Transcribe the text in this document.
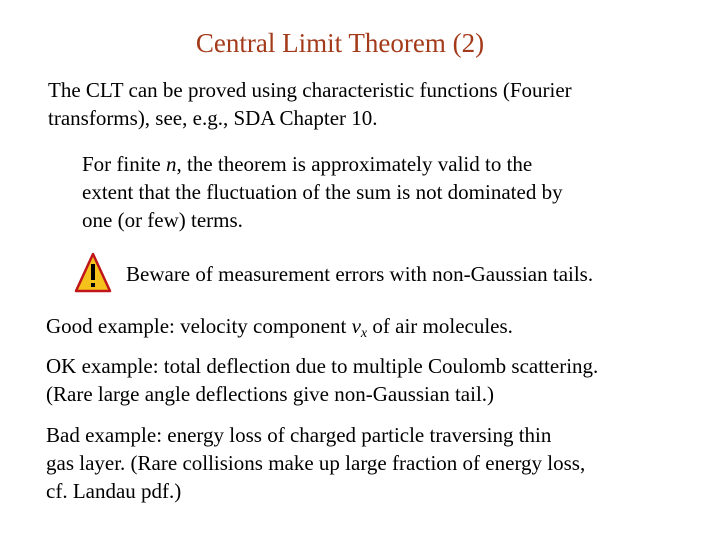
Central Limit Theorem (2)
The CLT can be proved using characteristic functions (Fourier
transforms), see, e.g., SDA Chapter 10.
For finite n, the theorem is approximately valid to the
extent that the fluctuation of the sum is not dominated by
one (or few) terms.
Beware of measurement errors with non-Gaussian tails.
Good example: velocity component $v_x$ of air molecules.
OK example: total deflection due to multiple Coulomb scattering.
(Rare large angle deflections give non-Gaussian tail.)
Bad example: energy loss of charged particle traversing thin
gas layer. (Rare collisions make up large fraction of energy loss,
cf. Landau pdf.)
